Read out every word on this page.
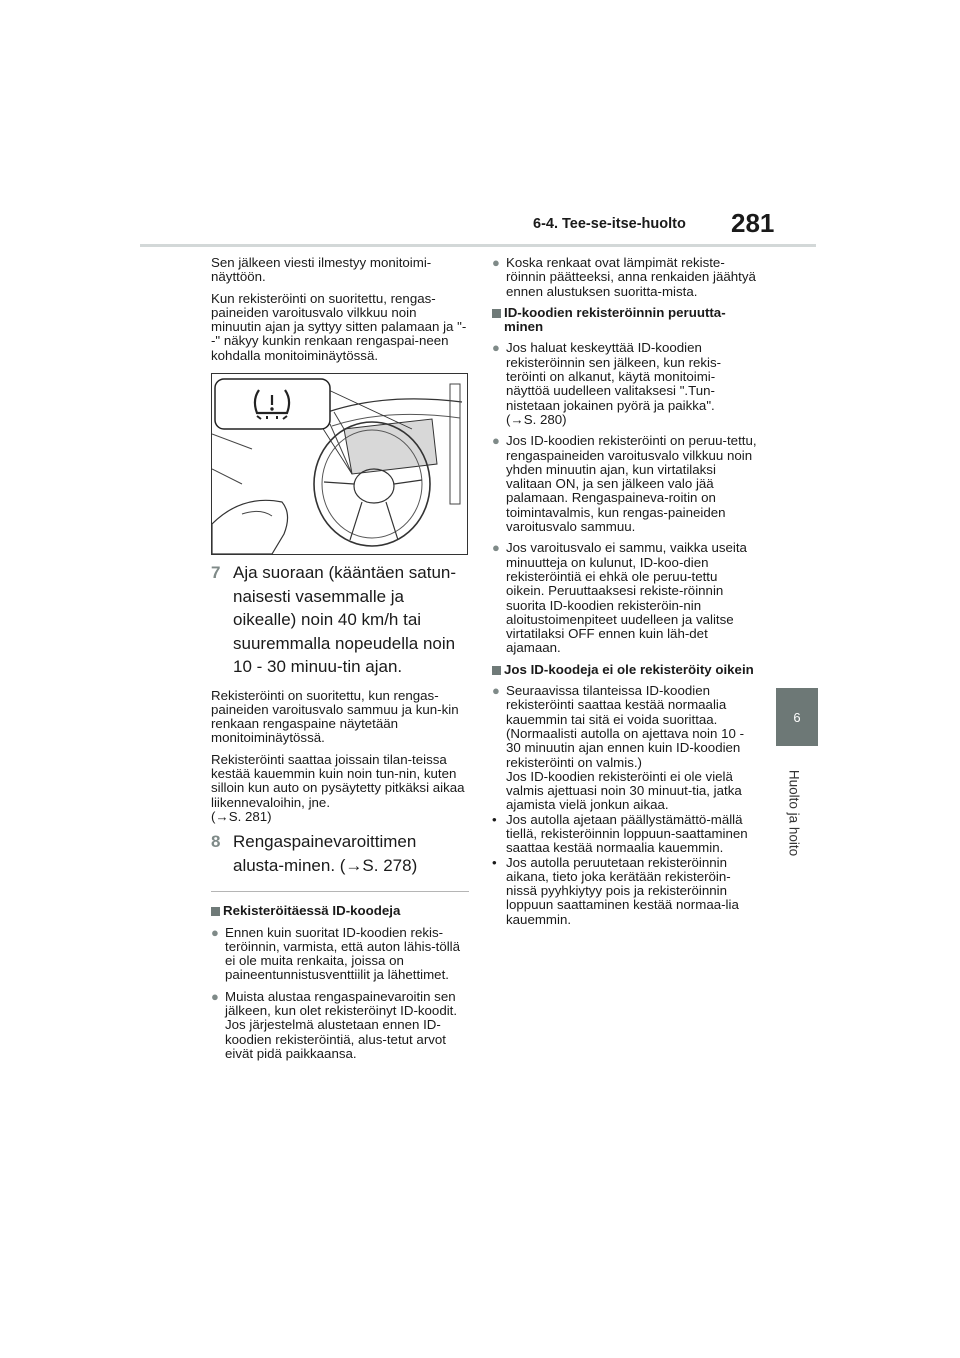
6-4. Tee-se-itse-huolto 281
6
Huolto ja hoito

Sen jälkeen viesti ilmestyy monitoimi-näyttöön.

Kun rekisteröinti on suoritettu, rengas-paineiden varoitusvalo vilkkuu noin minuutin ajan ja syttyy sitten palamaan ja "--" näkyy kunkin renkaan rengaspai-neen kohdalla monitoiminäytössä.

7 Aja suoraan (kääntäen satun-naisesti vasemmalle ja oikealle) noin 40 km/h tai suuremmalla nopeudella noin 10 - 30 minuu-tin ajan.

Rekisteröinti on suoritettu, kun rengas-paineiden varoitusvalo sammuu ja kun-kin renkaan rengaspaine näytetään monitoiminäytössä.

Rekisteröinti saattaa joissain tilan-teissa kestää kauemmin kuin noin tun-nin, kuten silloin kun auto on pysäytetty pitkäksi aikaa liikennevaloihin, jne.
(→S. 281)

8 Rengaspainevaroittimen alusta-minen. (→S. 278)
Rekisteröitäessä ID-koodeja
● Ennen kuin suoritat ID-koodien rekis-teröinnin, varmista, että auton lähis-töllä ei ole muita renkaita, joissa on paineentunnistusventtiilit ja lähettimet.
● Muista alustaa rengaspainevaroitin sen jälkeen, kun olet rekisteröinyt ID-koodit. Jos järjestelmä alustetaan ennen ID-koodien rekisteröintiä, alus-tetut arvot eivät pidä paikkaansa.
● Koska renkaat ovat lämpimät rekiste-röinnin päätteeksi, anna renkaiden jäähtyä ennen alustuksen suoritta-mista.
ID-koodien rekisteröinnin peruutta-minen
● Jos haluat keskeyttää ID-koodien rekisteröinnin sen jälkeen, kun rekis-teröinti on alkanut, käytä monitoimi-näyttöä uudelleen valitaksesi ".Tun-nistetaan jokainen pyörä ja paikka".
(→S. 280)
● Jos ID-koodien rekisteröinti on peruu-tettu, rengaspaineiden varoitusvalo vilkkuu noin yhden minuutin ajan, kun virtatilaksi valitaan ON, ja sen jälkeen valo jää palamaan. Rengaspaineva-roitin on toimintavalmis, kun rengas-paineiden varoitusvalo sammuu.
● Jos varoitusvalo ei sammu, vaikka useita minuutteja on kulunut, ID-koo-dien rekisteröintiä ei ehkä ole peruu-tettu oikein. Peruuttaaksesi rekiste-röinnin suorita ID-koodien rekisteröin-nin aloitustoimenpiteet uudelleen ja valitse virtatilaksi OFF ennen kuin läh-det ajamaan.
Jos ID-koodeja ei ole rekisteröity oikein
● Seuraavissa tilanteissa ID-koodien rekisteröinti saattaa kestää normaalia kauemmin tai sitä ei voida suorittaa. (Normaalisti autolla on ajettava noin 10 - 30 minuutin ajan ennen kuin ID-koodien rekisteröinti on valmis.)
Jos ID-koodien rekisteröinti ei ole vielä valmis ajettuasi noin 30 minuut-tia, jatka ajamista vielä jonkun aikaa.
• Jos autolla ajetaan päällystämättö-mällä tiellä, rekisteröinnin loppuun-saattaminen saattaa kestää normaalia kauemmin.
• Jos autolla peruutetaan rekisteröinnin aikana, tieto joka kerätään rekisteröin-nissä pyyhkiytyy pois ja rekisteröinnin loppuun saattaminen kestää normaa-lia kauemmin.
